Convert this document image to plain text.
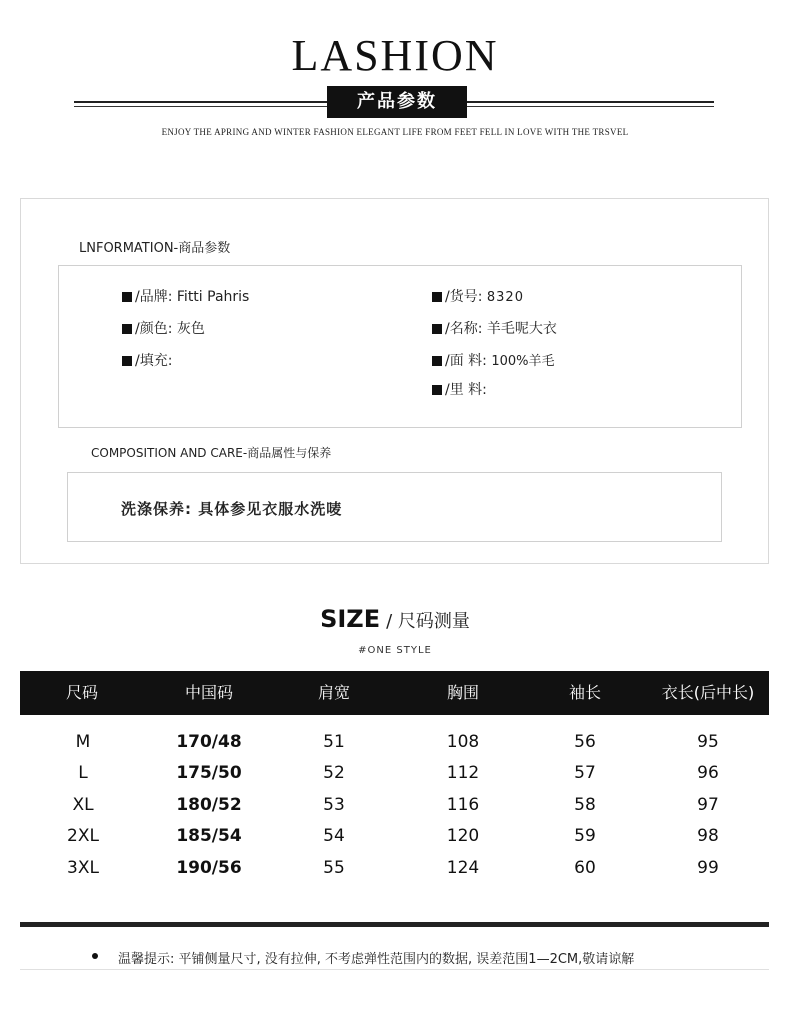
LASHION
产品参数
ENJOY THE APRING AND WINTER FASHION ELEGANT LIFE FROM FEET FELL IN LOVE WITH THE TRSVEL
LNFORMATION-商品参数
/品牌: Fitti Pahris
/颜色: 灰色
/填充:
/货号: 8320
/名称: 羊毛呢大衣
/面 料: 100%羊毛
/里 料:
COMPOSITION AND CARE-商品属性与保养
洗涤保养: 具体参见衣服水洗唛
SIZE / 尺码测量
#ONE STYLE
尺码	中国码	肩宽	胸围	袖长	衣长(后中长)
M	170/48	51	108	56	95
L	175/50	52	112	57	96
XL	180/52	53	116	58	97
2XL	185/54	54	120	59	98
3XL	190/56	55	124	60	99
温馨提示: 平铺侧量尺寸, 没有拉伸, 不考虑弹性范围内的数据, 误差范围1—2CM,敬请谅解
